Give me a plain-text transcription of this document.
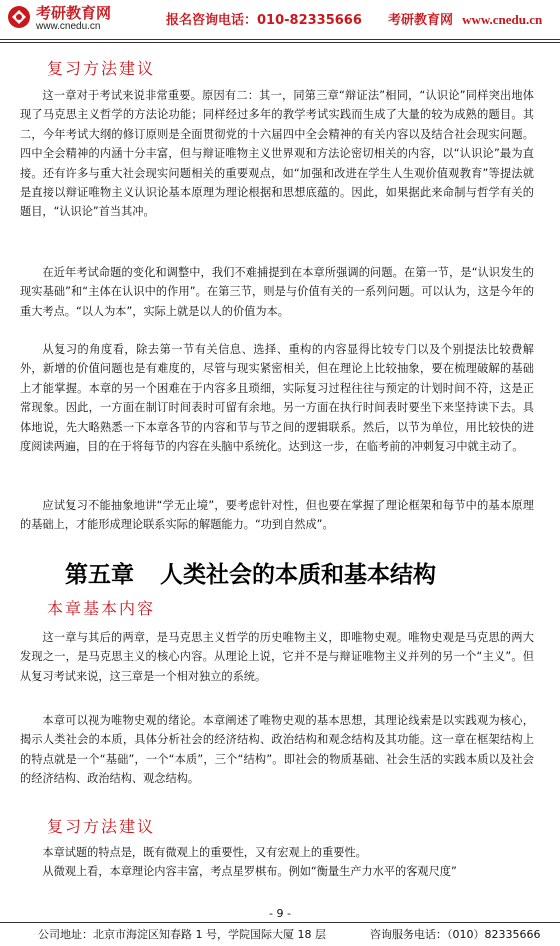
考研教育网
www.cnedu.cn	报名咨询电话：010-82335666 考研教育网 www.cnedu.cn
复习方法建议

这一章对于考试来说非常重要。原因有二：其一，同第三章“辩证法”相同，“认识论”同样突出地体现了马克思主义哲学的方法论功能；同样经过多年的教学考试实践而生成了大量的较为成熟的题目。其二，今年考试大纲的修订原则是全面贯彻党的十六届四中全会精神的有关内容以及结合社会现实问题。四中全会精神的内涵十分丰富，但与辩证唯物主义世界观和方法论密切相关的内容，以“认识论”最为直接。还有许多与重大社会现实问题相关的重要观点，如“加强和改进在学生人生观价值观教育”等提法就是直接以辩证唯物主义认识论基本原理为理论根据和思想底蕴的。因此，如果据此来命制与哲学有关的题目，“认识论”首当其冲。

在近年考试命题的变化和调整中，我们不难捕提到在本章所强调的问题。在第一节，是“认识发生的现实基础”和“主体在认识中的作用”。在第三节，则是与价值有关的一系列问题。可以认为，这是今年的重大考点。“以人为本”，实际上就是以人的价值为本。

从复习的角度看，除去第一节有关信息、选择、重构的内容显得比较专门以及个别提法比较费解外，新增的价值问题也是有难度的，尽管与现实紧密相关，但在理论上比较抽象，要在梳理破解的基础上才能掌握。本章的另一个困难在于内容多且琐细，实际复习过程往往与预定的计划时间不符，这是正常现象。因此，一方面在制订时间表时可留有余地。另一方面在执行时间表时要坐下来坚持读下去。具体地说，先大略熟悉一下本章各节的内容和节与节之间的逻辑联系。然后，以节为单位，用比较快的进度阅读两遍，目的在于将每节的内容在头脑中系统化。达到这一步，在临考前的冲刺复习中就主动了。

应试复习不能抽象地讲“学无止境”，要考虑针对性，但也要在掌握了理论框架和每节中的基本原理的基础上，才能形成理论联系实际的解题能力。“功到自然成”。

第五章 人类社会的本质和基本结构
本章基本内容

这一章与其后的两章，是马克思主义哲学的历史唯物主义，即唯物史观。唯物史观是马克思的两大发现之一，是马克思主义的核心内容。从理论上说，它并不是与辩证唯物主义并列的另一个“主义”。但从复习考试来说，这三章是一个相对独立的系统。

本章可以视为唯物史观的绪论。本章阐述了唯物史观的基本思想，其理论线索是以实践观为核心，揭示人类社会的本质，具体分析社会的经济结构、政治结构和观念结构及其功能。这一章在框架结构上的特点就是一个“基础”，一个“本质”，三个“结构”。即社会的物质基础、社会生活的实践本质以及社会的经济结构、政治结构、观念结构。

复习方法建议

本章试题的特点是，既有微观上的重要性，又有宏观上的重要性。

从微观上看，本章理论内容丰富，考点星罗棋布。例如“衡量生产力水平的客观尺度”

- 9 -
公司地址：北京市海淀区知春路 1 号，学院国际大厦 18 层	咨询服务电话：（010）82335666
